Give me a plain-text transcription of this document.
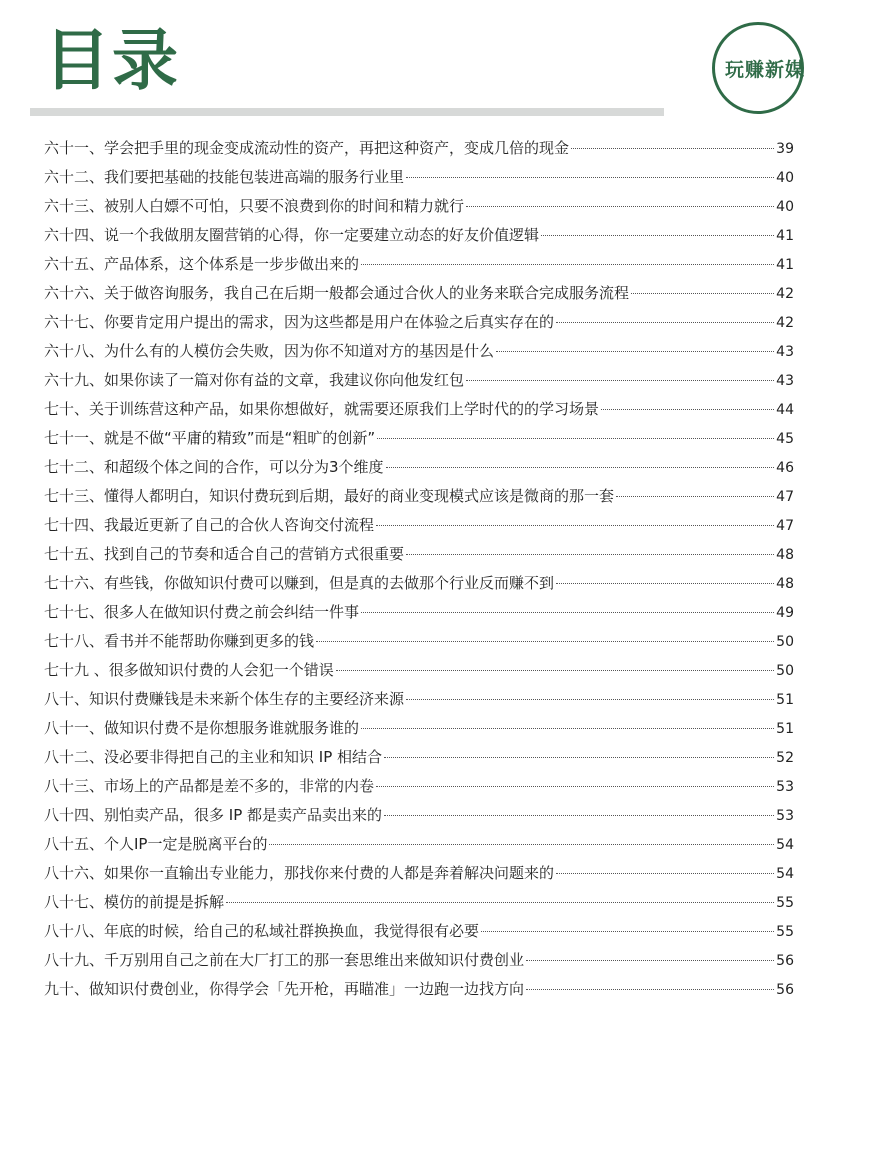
目录	玩赚新媒
六十一、学会把手里的现金变成流动性的资产，再把这种资产，变成几倍的现金	39
六十二、我们要把基础的技能包装进高端的服务行业里	40
六十三、被别人白嫖不可怕，只要不浪费到你的时间和精力就行	40
六十四、说一个我做朋友圈营销的心得，你一定要建立动态的好友价值逻辑	41
六十五、产品体系，这个体系是一步步做出来的	41
六十六、关于做咨询服务，我自己在后期一般都会通过合伙人的业务来联合完成服务流程	42
六十七、你要肯定用户提出的需求，因为这些都是用户在体验之后真实存在的	42
六十八、为什么有的人模仿会失败，因为你不知道对方的基因是什么	43
六十九、如果你读了一篇对你有益的文章，我建议你向他发红包	43
七十、关于训练营这种产品，如果你想做好，就需要还原我们上学时代的的学习场景	44
七十一、就是不做“平庸的精致”而是“粗旷的创新”	45
七十二、和超级个体之间的合作，可以分为3个维度	46
七十三、懂得人都明白，知识付费玩到后期，最好的商业变现模式应该是微商的那一套	47
七十四、我最近更新了自己的合伙人咨询交付流程	47
七十五、找到自己的节奏和适合自己的营销方式很重要	48
七十六、有些钱，你做知识付费可以赚到，但是真的去做那个行业反而赚不到	48
七十七、很多人在做知识付费之前会纠结一件事	49
七十八、看书并不能帮助你赚到更多的钱	50
七十九 、很多做知识付费的人会犯一个错误	50
八十、知识付费赚钱是未来新个体生存的主要经济来源	51
八十一、做知识付费不是你想服务谁就服务谁的	51
八十二、没必要非得把自己的主业和知识 IP 相结合	52
八十三、市场上的产品都是差不多的，非常的内卷	53
八十四、别怕卖产品，很多 IP 都是卖产品卖出来的	53
八十五、个人IP一定是脱离平台的	54
八十六、如果你一直输出专业能力，那找你来付费的人都是奔着解决问题来的	54
八十七、模仿的前提是拆解	55
八十八、年底的时候，给自己的私域社群换换血，我觉得很有必要	55
八十九、千万别用自己之前在大厂打工的那一套思维出来做知识付费创业	56
九十、做知识付费创业，你得学会「先开枪，再瞄准」一边跑一边找方向	56
